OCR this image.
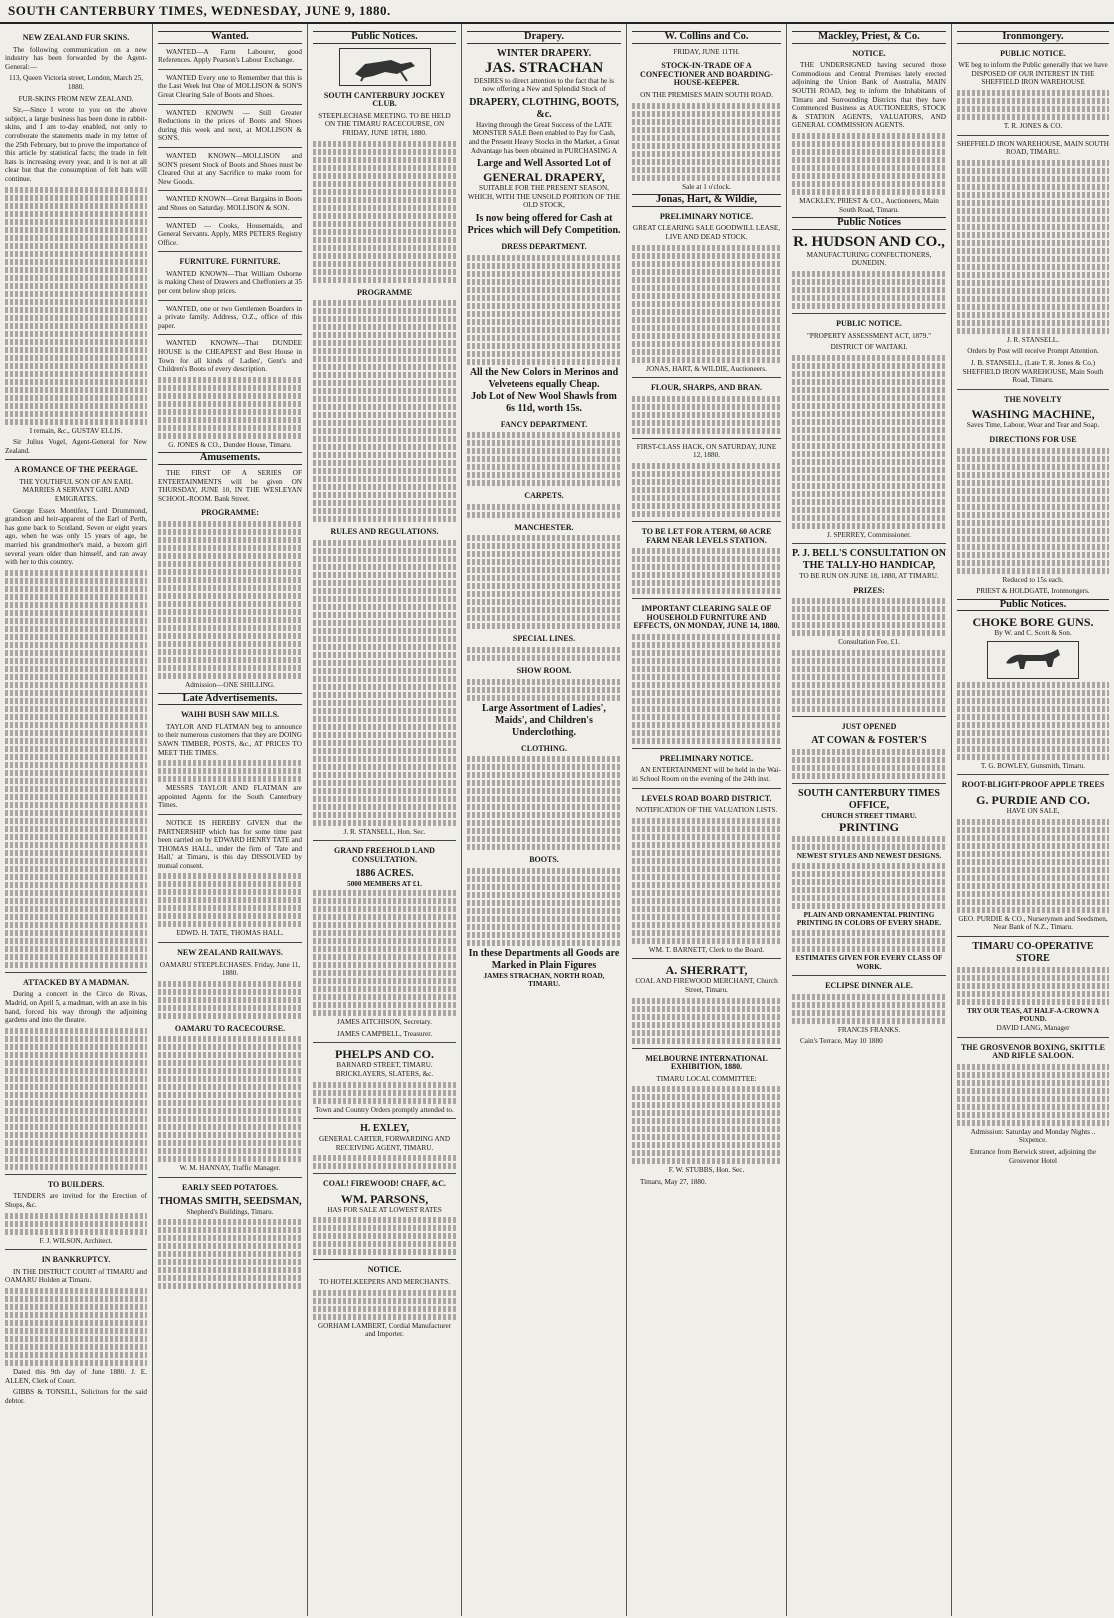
SOUTH CANTERBURY TIMES, WEDNESDAY, JUNE 9, 1880.
NEW ZEALAND FUR SKINS.

The following communication on a new industry has been forwarded by the Agent-General:—

113, Queen Victoria street, London, March 25, 1880.

FUR-SKINS FROM NEW ZEALAND.

Sir,—Since I wrote to you on the above subject, a large business has been done in rabbit-skins, and I am to-day enabled, not only to corroborate the statements made in my letter of the 25th February, but to prove the importance of this article by statistical facts; the trade in felt hats is increasing every year, and it is not at all clear but that the consumption of felt hats will continue.

I remain, &c., GUSTAV ELLIS.

Sir Julius Vogel, Agent-General for New Zealand.

A ROMANCE OF THE PEERAGE.

THE YOUTHFUL SON OF AN EARL MARRIES A SERVANT GIRL AND EMIGRATES.

George Essex Montifex, Lord Drummond, grandson and heir-apparent of the Earl of Perth, has gone back to Scotland. Seven or eight years ago, when he was only 15 years of age, he married his grandmother's maid, a buxom girl several years older than himself, and ran away with her to this country.

ATTACKED BY A MADMAN.

During a concert in the Circo de Rivas, Madrid, on April 5, a madman, with an axe in his hand, forced his way through the adjoining gardens and into the theatre.

TO BUILDERS.

TENDERS are invited for the Erection of Shops, &c.

F. J. WILSON, Architect.

IN BANKRUPTCY.

IN THE DISTRICT COURT of TIMARU and OAMARU Holden at Timaru.

Dated this 9th day of June 1880. J. E. ALLEN, Clerk of Court.

GIBBS & TONSILL, Solicitors for the said debtor.

Wanted.

WANTED—A Farm Labourer, good References. Apply Pearson's Labour Exchange.

WANTED Every one to Remember that this is the Last Week but One of MOLLISON & SON'S Great Clearing Sale of Boots and Shoes.

WANTED KNOWN — Still Greater Reductions in the prices of Boots and Shoes during this week and next, at MOLLISON & SON'S.

WANTED KNOWN—MOLLISON and SON'S present Stock of Boots and Shoes must be Cleared Out at any Sacrifice to make room for New Goods.

WANTED KNOWN—Great Bargains in Boots and Shoes on Saturday. MOLLISON & SON.

WANTED — Cooks, Housemaids, and General Servants. Apply, MRS PETERS Registry Office.

FURNITURE. FURNITURE.

WANTED KNOWN—That William Osborne is making Chest of Drawers and Cheffoniers at 35 per cent below shop prices.

WANTED, one or two Gentlemen Boarders in a private family. Address, O.Z., office of this paper.

WANTED KNOWN—That DUNDEE HOUSE is the CHEAPEST and Best House in Town for all kinds of Ladies', Gent's and Children's Boots of every description.

G. JONES & CO., Dundee House, Timaru.

Amusements.

THE FIRST OF A SERIES OF ENTERTAINMENTS will be given ON THURSDAY, JUNE 10, IN THE WESLEYAN SCHOOL-ROOM. Bank Street.

PROGRAMME:

Admission—ONE SHILLING.

Late Advertisements.
WAIHI BUSH SAW MILLS.

TAYLOR AND FLATMAN beg to announce to their numerous customers that they are DOING SAWN TIMBER, POSTS, &c., AT PRICES TO MEET THE TIMES.

MESSRS TAYLOR AND FLATMAN are appointed Agents for the South Canterbury Times.

NOTICE IS HEREBY GIVEN that the PARTNERSHIP which has for some time past been carried on by EDWARD HENRY TATE and THOMAS HALL, under the firm of 'Tate and Hall,' at Timaru, is this day DISSOLVED by mutual consent.

EDWD. H. TATE, THOMAS HALL.

NEW ZEALAND RAILWAYS.

OAMARU STEEPLECHASES. Friday, June 11, 1880.

OAMARU TO RACECOURSE.

W. M. HANNAY, Traffic Manager.

EARLY SEED POTATOES.
THOMAS SMITH, SEEDSMAN,

Shepherd's Buildings, Timaru.

Public Notices.
SOUTH CANTERBURY JOCKEY CLUB.

STEEPLECHASE MEETING. TO BE HELD ON THE TIMARU RACECOURSE, ON FRIDAY, JUNE 18TH, 1880.

PROGRAMME
RULES AND REGULATIONS.

J. R. STANSELL, Hon. Sec.

GRAND FREEHOLD LAND CONSULTATION.
1886 ACRES.
5000 MEMBERS AT £1.

JAMES AITCHISON, Secretary.

JAMES CAMPBELL, Treasurer.

PHELPS AND CO.

BARNARD STREET, TIMARU. BRICKLAYERS, SLATERS, &c.

Town and Country Orders promptly attended to.

H. EXLEY,

GENERAL CARTER, FORWARDING AND RECEIVING AGENT, TIMARU.

COAL! FIREWOOD! CHAFF, &C.
WM. PARSONS,

HAS FOR SALE AT LOWEST RATES

NOTICE.

TO HOTELKEEPERS AND MERCHANTS.

GORHAM LAMBERT, Cordial Manufacturer and Importer.

Drapery.
WINTER DRAPERY.
JAS. STRACHAN

DESIRES to direct attention to the fact that he is now offering a New and Splendid Stock of

DRAPERY, CLOTHING, BOOTS, &c.

Having through the Great Success of the LATE MONSTER SALE Been enabled to Pay for Cash, and the Present Heavy Stocks in the Market, a Great Advantage has been obtained in PURCHASING A

Large and Well Assorted Lot of
GENERAL DRAPERY,

SUITABLE FOR THE PRESENT SEASON, WHICH, WITH THE UNSOLD PORTION OF THE OLD STOCK,

Is now being offered for Cash at Prices which will Defy Competition.
DRESS DEPARTMENT.
All the New Colors in Merinos and Velveteens equally Cheap.
Job Lot of New Wool Shawls from 6s 11d, worth 15s.
FANCY DEPARTMENT.
CARPETS.
MANCHESTER.
SPECIAL LINES.
SHOW ROOM.
Large Assortment of Ladies', Maids', and Children's Underclothing.
CLOTHING.
BOOTS.
In these Departments all Goods are Marked in Plain Figures
JAMES STRACHAN, NORTH ROAD, TIMARU.
W. Collins and Co.

FRIDAY, JUNE 11TH.

STOCK-IN-TRADE OF A CONFECTIONER AND BOARDING-HOUSE-KEEPER.

ON THE PREMISES MAIN SOUTH ROAD.

Sale at 1 o'clock.

Jonas, Hart, & Wildie,
PRELIMINARY NOTICE.

GREAT CLEARING SALE GOODWILL LEASE, LIVE AND DEAD STOCK.

JONAS, HART, & WILDIE, Auctioneers.

FLOUR, SHARPS, AND BRAN.

FIRST-CLASS HACK, ON SATURDAY, JUNE 12, 1880.

TO BE LET FOR A TERM, 60 ACRE FARM NEAR LEVELS STATION.
IMPORTANT CLEARING SALE OF HOUSEHOLD FURNITURE AND EFFECTS, ON MONDAY, JUNE 14, 1880.
PRELIMINARY NOTICE.

AN ENTERTAINMENT will be held in the Wai-iti School Room on the evening of the 24th inst.

LEVELS ROAD BOARD DISTRICT.

NOTIFICATION OF THE VALUATION LISTS.

WM. T. BARNETT, Clerk to the Board.

A. SHERRATT,

COAL AND FIREWOOD MERCHANT, Church Street, Timaru.

MELBOURNE INTERNATIONAL EXHIBITION, 1880.

TIMARU LOCAL COMMITTEE:

F. W. STUBBS, Hon. Sec.

Timaru, May 27, 1880.

Mackley, Priest, & Co.
NOTICE.

THE UNDERSIGNED having secured those Commodious and Central Premises lately erected adjoining the Union Bank of Australia, MAIN SOUTH ROAD, beg to inform the Inhabitants of Timaru and Surrounding Districts that they have Commenced Business as AUCTIONEERS, STOCK & STATION AGENTS, VALUATORS, AND GENERAL COMMISSION AGENTS.

MACKLEY, PRIEST & CO., Auctioneers, Main South Road, Timaru.

Public Notices
R. HUDSON AND CO.,

MANUFACTURING CONFECTIONERS, DUNEDIN.

PUBLIC NOTICE.

"PROPERTY ASSESSMENT ACT, 1879."

DISTRICT OF WAITAKI.

J. SPERREY, Commissioner.

P. J. BELL'S CONSULTATION ON THE TALLY-HO HANDICAP,

TO BE RUN ON JUNE 18, 1880, AT TIMARU.

PRIZES:

Consultation Fee, £1.

JUST OPENED
AT COWAN & FOSTER'S
SOUTH CANTERBURY TIMES
OFFICE,
CHURCH STREET TIMARU.
PRINTING
NEWEST STYLES AND NEWEST DESIGNS.
PLAIN AND ORNAMENTAL PRINTING
PRINTING IN COLORS OF EVERY SHADE.
ESTIMATES GIVEN FOR EVERY CLASS OF WORK.
ECLIPSE DINNER ALE.

FRANCIS FRANKS.

Cain's Terrace, May 10 1880

Ironmongery.
PUBLIC NOTICE.

WE beg to inform the Public generally that we have DISPOSED OF OUR INTEREST IN THE SHEFFIELD IRON WAREHOUSE

T. R. JONES & CO.

SHEFFIELD IRON WAREHOUSE, MAIN SOUTH ROAD, TIMARU.

J. R. STANSELL.

Orders by Post will receive Prompt Attention.

J. B. STANSELL, (Late T. R. Jones & Co.) SHEFFIELD IRON WAREHOUSE, Main South Road, Timaru.

THE NOVELTY
WASHING MACHINE,

Saves Time, Labour, Wear and Tear and Soap.

DIRECTIONS FOR USE

Reduced to 15s each.

PRIEST & HOLDGATE, Ironmongers.

Public Notices.
CHOKE BORE GUNS.

By W. and C. Scott & Son.

T. G. BOWLEY, Gunsmith, Timaru.

ROOT-BLIGHT-PROOF APPLE TREES
G. PURDIE AND CO.

HAVE ON SALE,

GEO. PURDIE & CO., Nurserymen and Seedsmen, Near Bank of N.Z., Timaru.

TIMARU CO-OPERATIVE STORE
TRY OUR TEAS, AT HALF-A-CROWN A POUND.

DAVID LANG, Manager

THE GROSVENOR BOXING, SKITTLE AND RIFLE SALOON.

Admission: Saturday and Monday Nights .. Sixpence.

Entrance from Berwick street, adjoining the Grosvenor Hotel
